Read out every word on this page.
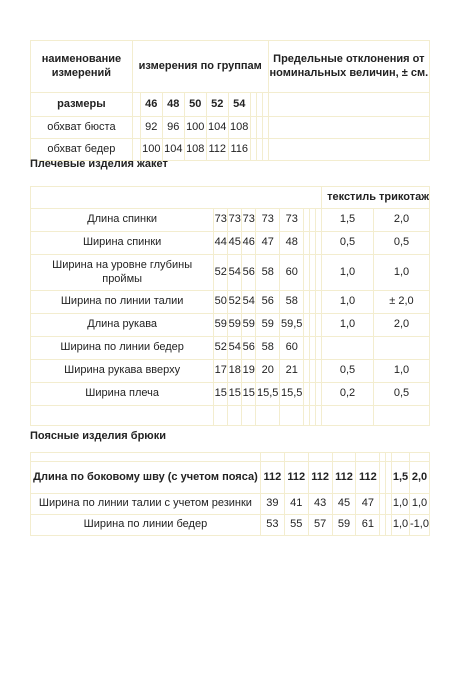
наименование измерений	измерения по группам									Предельные отклонения от номинальных величин, ± см.
размеры		46	48	50	52	54				
обхват бюста		92	96	100	104	108				
обхват бедер		100	104	108	112	116				
Плечевые изделия жакет
									текстиль трикотаж	
Длина спинки	73	73	73	73	73				1,5	2,0
Ширина спинки	44	45	46	47	48				0,5	0,5
Ширина на уровне глубины проймы	52	54	56	58	60				1,0	1,0
Ширина по линии талии	50	52	54	56	58				1,0	± 2,0
Длина рукава	59	59	59	59	59,5				1,0	2,0
Ширина по линии бедер	52	54	56	58	60					
Ширина рукава вверху	17	18	19	20	21				0,5	1,0
Ширина плеча	15	15	15	15,5	15,5				0,2	0,5

Поясные изделия брюки

Длина по боковому шву (с учетом пояса)	112	112	112	112	112			1,5	2,0
Ширина по линии талии с учетом резинки	39	41	43	45	47			1,0	1,0
Ширина по линии бедер	53	55	57	59	61			1,0	-1,0
